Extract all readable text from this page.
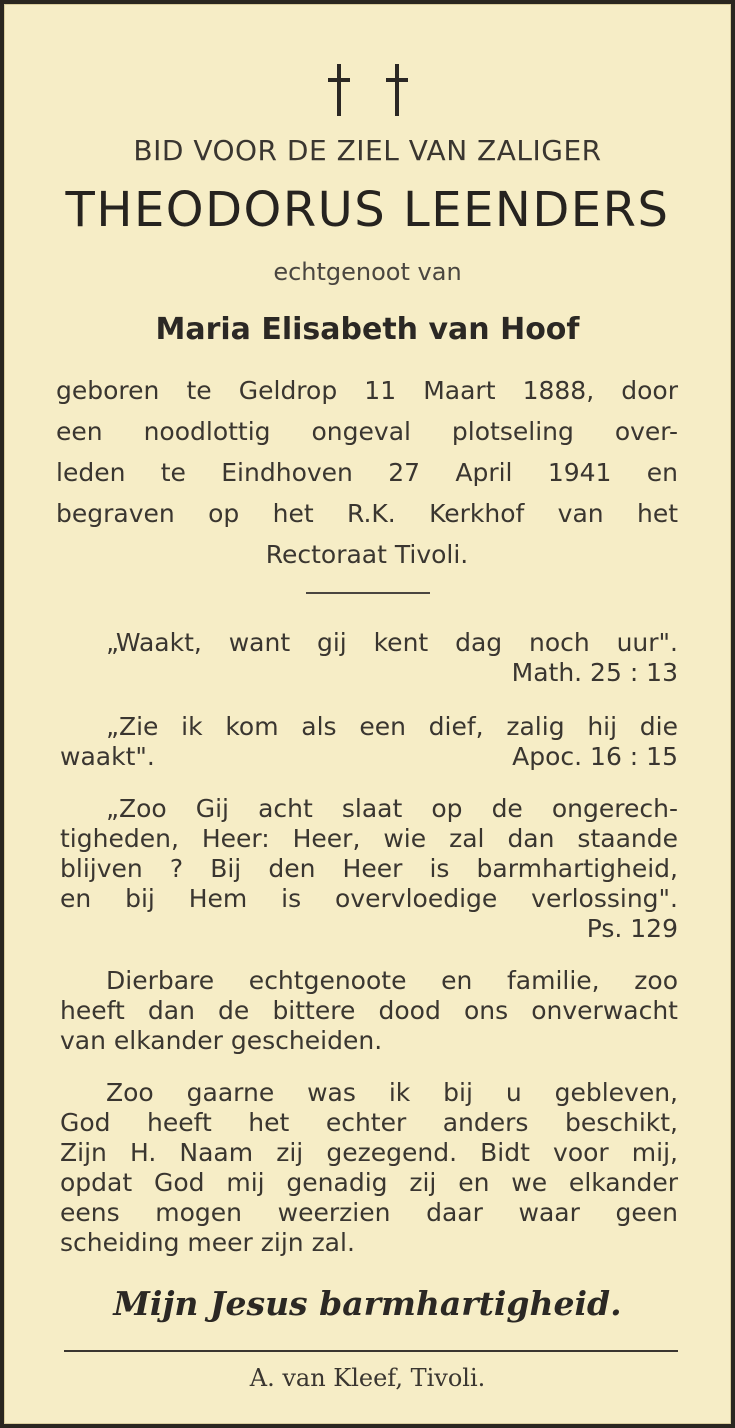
BID VOOR DE ZIEL VAN ZALIGER
THEODORUS LEENDERS
echtgenoot van
Maria Elisabeth van Hoof
geboren te Geldrop 11 Maart 1888, door
een noodlottig ongeval plotseling over-
leden te Eindhoven 27 April 1941 en
begraven op het R.K. Kerkhof van het
Rectoraat Tivoli.
„Waakt, want gij kent dag noch uur".
Math. 25 : 13
„Zie ik kom als een dief, zalig hij die
waakt".	Apoc. 16 : 15
„Zoo Gij acht slaat op de ongerech-
tigheden, Heer: Heer, wie zal dan staande
blijven ? Bij den Heer is barmhartigheid,
en bij Hem is overvloedige verlossing".
Ps. 129
Dierbare echtgenoote en familie, zoo
heeft dan de bittere dood ons onverwacht
van elkander gescheiden.
Zoo gaarne was ik bij u gebleven,
God heeft het echter anders beschikt,
Zijn H. Naam zij gezegend. Bidt voor mij,
opdat God mij genadig zij en we elkander
eens mogen weerzien daar waar geen
scheiding meer zijn zal.
Mijn Jesus barmhartigheid.
A. van Kleef, Tivoli.
